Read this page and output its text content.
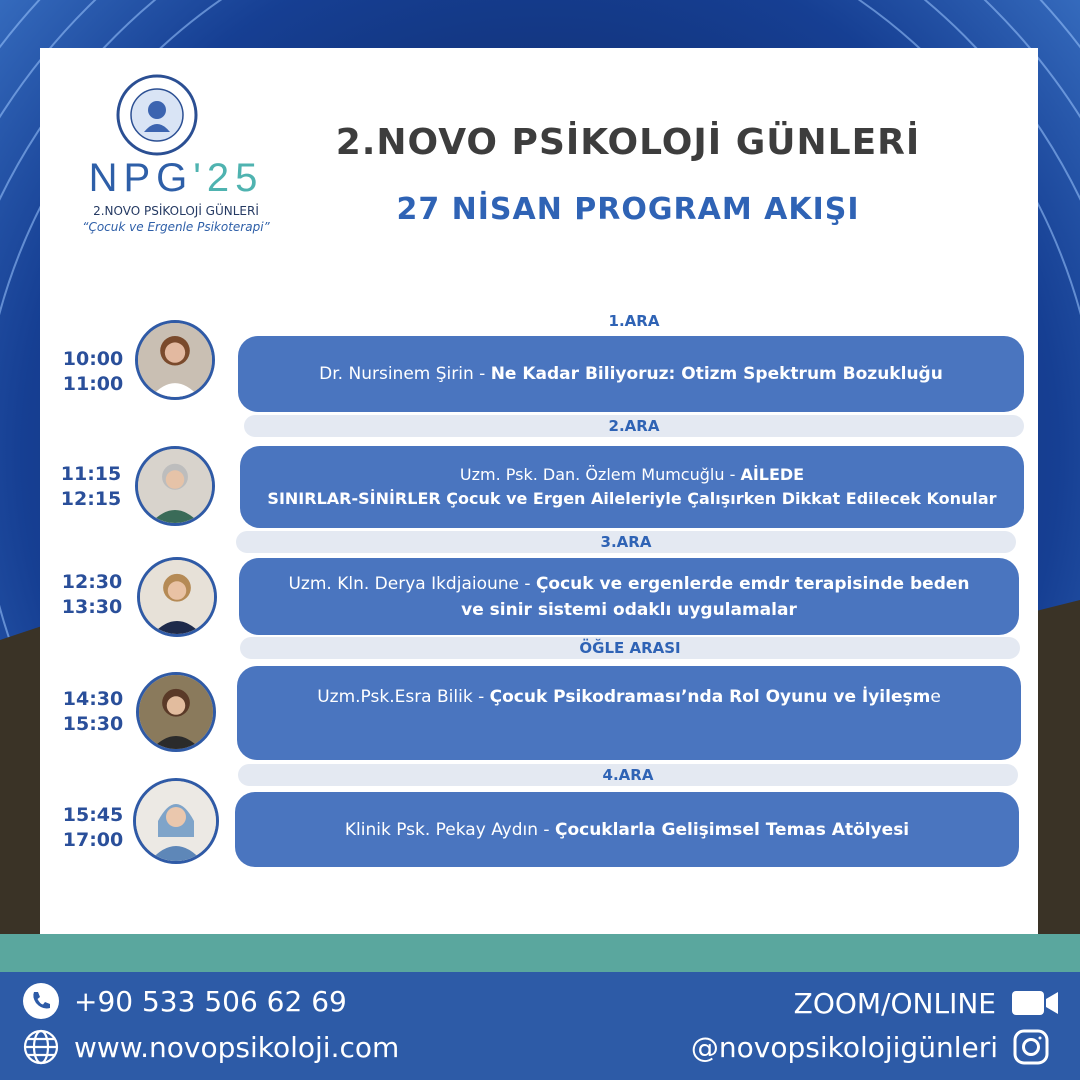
NPG'25
2.NOVO PSİKOLOJİ GÜNLERİ
“Çocuk ve Ergenle Psikoterapi”
2.NOVO PSİKOLOJİ GÜNLERİ
27 NİSAN PROGRAM AKIŞI
1.ARA
2.ARA
3.ARA
ÖĞLE ARASI
4.ARA
10:00
11:00	Dr. Nursinem Şirin - Ne Kadar Biliyoruz: Otizm Spektrum Bozukluğu
11:15
12:15
Uzm. Psk. Dan. Özlem Mumcuğlu - AİLEDE
SINIRLAR-SİNİRLER Çocuk ve Ergen Aileleriyle Çalışırken Dikkat Edilecek Konular
12:30
13:30
Uzm. Kln. Derya Ikdjaioune - Çocuk ve ergenlerde emdr terapisinde beden
ve sinir sistemi odaklı uygulamalar
14:30
15:30
Uzm.Psk.Esra Bilik - Çocuk Psikodraması’nda Rol Oyunu ve İyileşme
15:45
17:00	Klinik Psk. Pekay Aydın - Çocuklarla Gelişimsel Temas Atölyesi
+90 533 506 62 69
www.novopsikoloji.com
ZOOM/ONLINE
@novopsikolojigünleri
